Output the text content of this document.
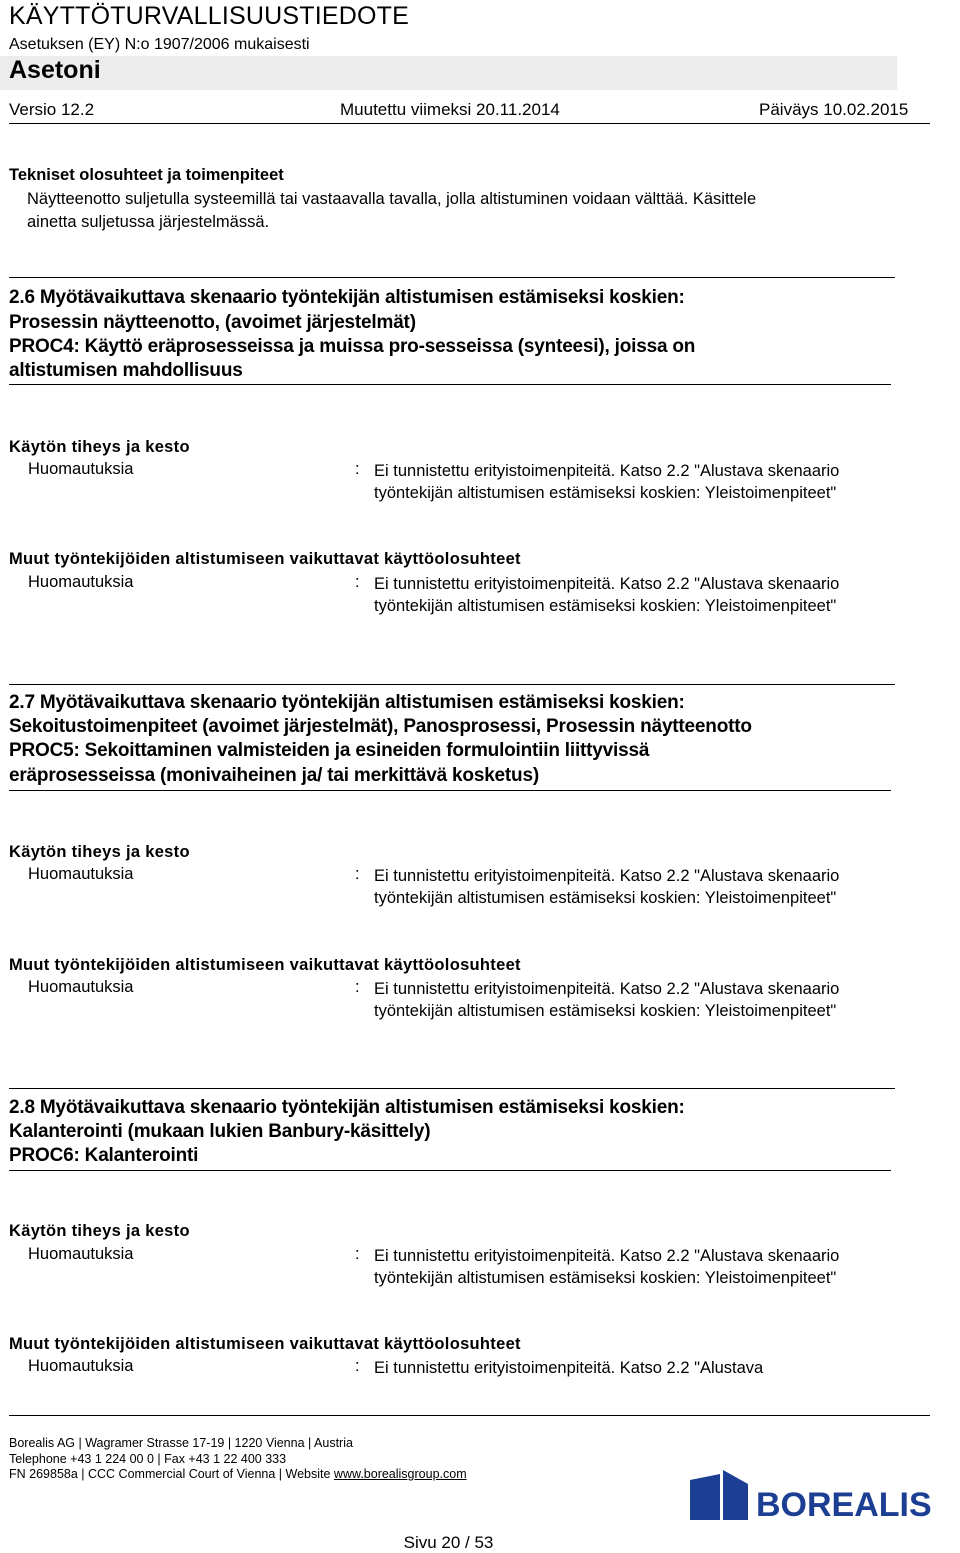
KÄYTTÖTURVALLISUUSTIEDOTE
Asetuksen (EY) N:o 1907/2006 mukaisesti
Asetoni
Versio 12.2	Muutettu viimeksi 20.11.2014	Päiväys 10.02.2015
Tekniset olosuhteet ja toimenpiteet
Näytteenotto suljetulla systeemillä tai vastaavalla tavalla, jolla altistuminen voidaan välttää. Käsittele
ainetta suljetussa järjestelmässä.
2.6 Myötävaikuttava skenaario työntekijän altistumisen estämiseksi koskien:
Prosessin näytteenotto, (avoimet järjestelmät)
PROC4: Käyttö eräprosesseissa ja muissa pro-sesseissa (synteesi), joissa on
altistumisen mahdollisuus
Käytön tiheys ja kesto
Huomautuksia	: Ei tunnistettu erityistoimenpiteitä. Katso 2.2 "Alustava skenaario työntekijän altistumisen estämiseksi koskien: Yleistoimenpiteet"
Muut työntekijöiden altistumiseen vaikuttavat käyttöolosuhteet
Huomautuksia	: Ei tunnistettu erityistoimenpiteitä. Katso 2.2 "Alustava skenaario työntekijän altistumisen estämiseksi koskien: Yleistoimenpiteet"
2.7 Myötävaikuttava skenaario työntekijän altistumisen estämiseksi koskien:
Sekoitustoimenpiteet (avoimet järjestelmät), Panosprosessi, Prosessin näytteenotto
PROC5: Sekoittaminen valmisteiden ja esineiden formulointiin liittyvissä
eräprosesseissa (monivaiheinen ja/ tai merkittävä kosketus)
Käytön tiheys ja kesto
Huomautuksia	: Ei tunnistettu erityistoimenpiteitä. Katso 2.2 "Alustava skenaario työntekijän altistumisen estämiseksi koskien: Yleistoimenpiteet"
Muut työntekijöiden altistumiseen vaikuttavat käyttöolosuhteet
Huomautuksia	: Ei tunnistettu erityistoimenpiteitä. Katso 2.2 "Alustava skenaario työntekijän altistumisen estämiseksi koskien: Yleistoimenpiteet"
2.8 Myötävaikuttava skenaario työntekijän altistumisen estämiseksi koskien:
Kalanterointi (mukaan lukien Banbury-käsittely)
PROC6: Kalanterointi
Käytön tiheys ja kesto
Huomautuksia	: Ei tunnistettu erityistoimenpiteitä. Katso 2.2 "Alustava skenaario työntekijän altistumisen estämiseksi koskien: Yleistoimenpiteet"
Muut työntekijöiden altistumiseen vaikuttavat käyttöolosuhteet
Huomautuksia	: Ei tunnistettu erityistoimenpiteitä. Katso 2.2 "Alustava
Borealis AG | Wagramer Strasse 17-19 | 1220 Vienna | Austria
Telephone +43 1 224 00 0 | Fax +43 1 22 400 333
FN 269858a | CCC Commercial Court of Vienna | Website www.borealisgroup.com
BOREALIS
Sivu 20 / 53
